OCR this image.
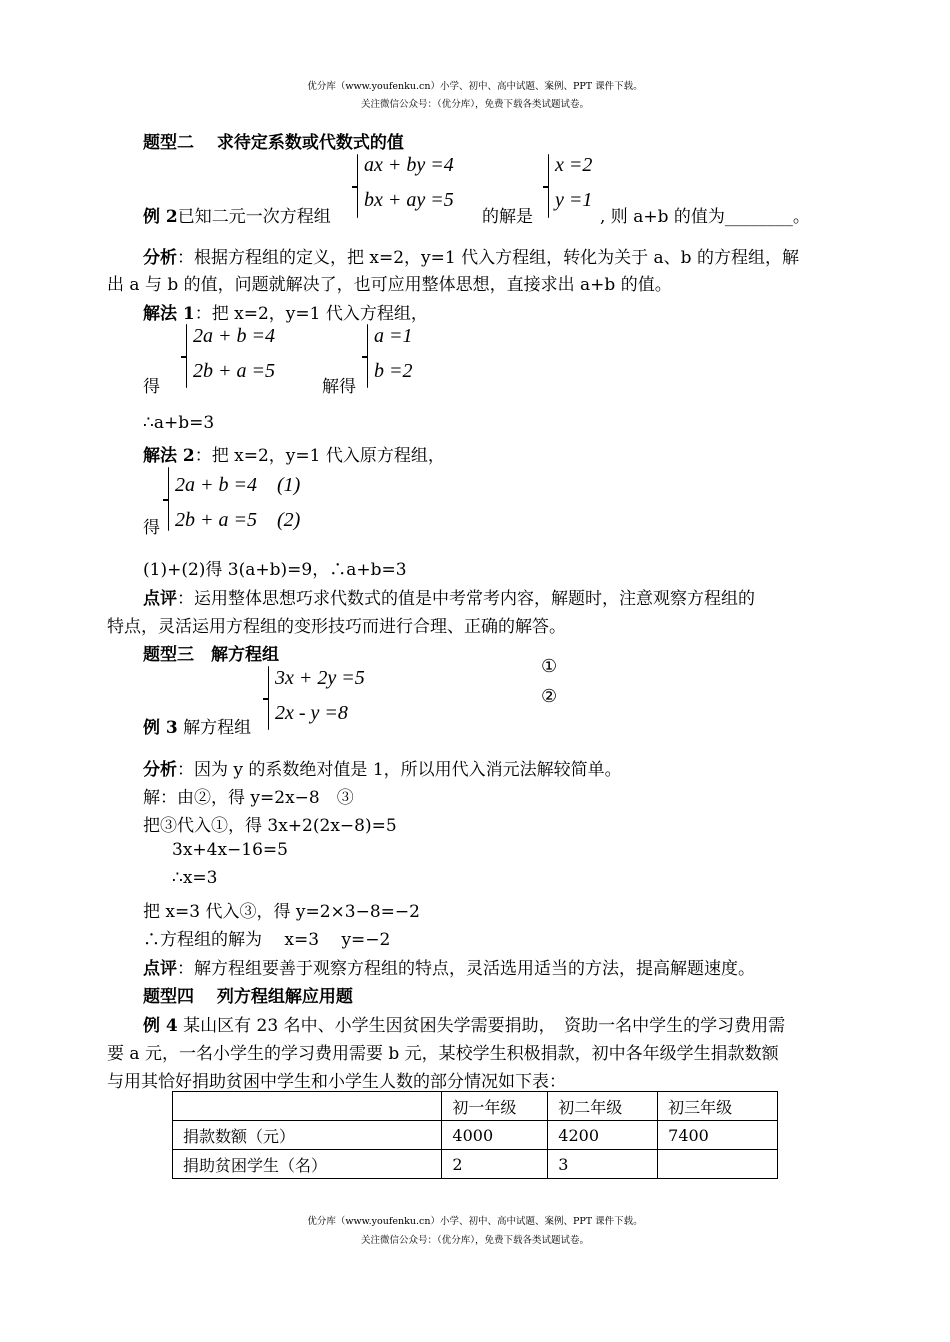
优分库（www.youfenku.cn）小学、初中、高中试题、案例、PPT 课件下载。
关注微信公众号：（优分库），免费下载各类试题试卷。
题型二　 求待定系数或代数式的值
ax + by =4
bx + ay =5
x =2
y =1
例 2已知二元一次方程组	的解是	, 则 a+b 的值为________。
分析：根据方程组的定义，把 x=2，y=1 代入方程组，转化为关于 a、b 的方程组，解
出 a 与 b 的值，问题就解决了，也可应用整体思想，直接求出 a+b 的值。
解法 1：把 x=2，y=1 代入方程组，
2a + b =4
2b + a =5
得	解得
a =1
b =2
∴a+b=3
解法 2：把 x=2，y=1 代入原方程组，
2a + b =4　(1)
2b + a =5　(2)
得
(1)+(2)得 3(a+b)=9，∴a+b=3
点评：运用整体思想巧求代数式的值是中考常考内容，解题时，注意观察方程组的
特点，灵活运用方程组的变形技巧而进行合理、正确的解答。
题型三　解方程组
3x + 2y =5
2x - y =8
①
②
例 3 解方程组
分析：因为 y 的系数绝对值是 1，所以用代入消元法解较简单。
解：由②，得 y=2x−8　③
把③代入①，得 3x+2(2x−8)=5
3x+4x−16=5
∴x=3
把 x=3 代入③，得 y=2×3−8=−2
∴方程组的解为　 x=3　 y=−2
点评：解方程组要善于观察方程组的特点，灵活选用适当的方法，提高解题速度。
题型四　 列方程组解应用题
例 4 某山区有 23 名中、小学生因贫困失学需要捐助，　资助一名中学生的学习费用需
要 a 元，一名小学生的学习费用需要 b 元，某校学生积极捐款，初中各年级学生捐款数额
与用其恰好捐助贫困中学生和小学生人数的部分情况如下表：
	初一年级	初二年级	初三年级
捐款数额（元）	4000	4200	7400
捐助贫困学生（名）	2	3	
优分库（www.youfenku.cn）小学、初中、高中试题、案例、PPT 课件下载。
关注微信公众号：（优分库），免费下载各类试题试卷。
